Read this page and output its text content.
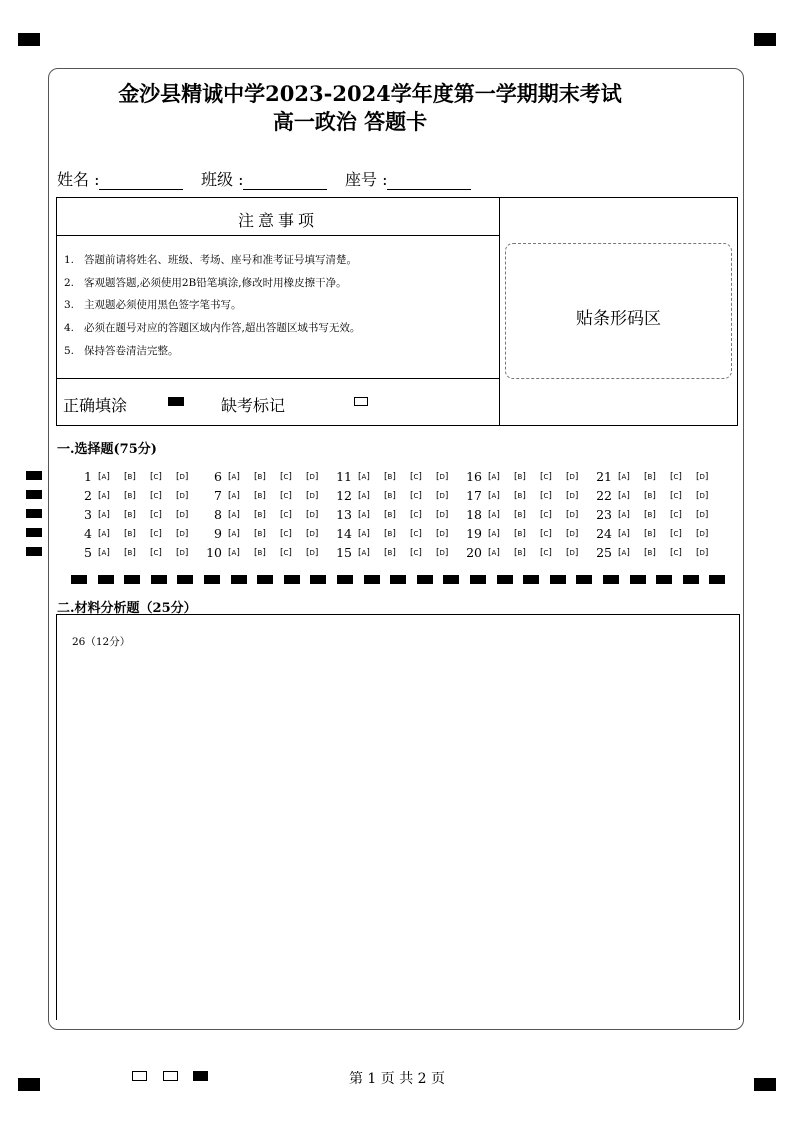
金沙县精诚中学2023-2024学年度第一学期期末考试
高一政治 答题卡
姓名 :	班级 :	座号 :
注意事项
1. 答题前请将姓名、班级、考场、座号和准考证号填写清楚。
2. 客观题答题,必须使用2B铅笔填涂,修改时用橡皮擦干净。
3. 主观题必须使用黑色签字笔书写。
4. 必须在题号对应的答题区域内作答,超出答题区域书写无效。
5. 保持答卷清洁完整。
贴条形码区
正确填涂	缺考标记
一.选择题(75分)
1	[ A ]	[ B ]	[ C ]	[ D ]
2	[ A ]	[ B ]	[ C ]	[ D ]
3	[ A ]	[ B ]	[ C ]	[ D ]
4	[ A ]	[ B ]	[ C ]	[ D ]
5	[ A ]	[ B ]	[ C ]	[ D ]
6	[ A ]	[ B ]	[ C ]	[ D ]
7	[ A ]	[ B ]	[ C ]	[ D ]
8	[ A ]	[ B ]	[ C ]	[ D ]
9	[ A ]	[ B ]	[ C ]	[ D ]
10	[ A ]	[ B ]	[ C ]	[ D ]
11	[ A ]	[ B ]	[ C ]	[ D ]
12	[ A ]	[ B ]	[ C ]	[ D ]
13	[ A ]	[ B ]	[ C ]	[ D ]
14	[ A ]	[ B ]	[ C ]	[ D ]
15	[ A ]	[ B ]	[ C ]	[ D ]
16	[ A ]	[ B ]	[ C ]	[ D ]
17	[ A ]	[ B ]	[ C ]	[ D ]
18	[ A ]	[ B ]	[ C ]	[ D ]
19	[ A ]	[ B ]	[ C ]	[ D ]
20	[ A ]	[ B ]	[ C ]	[ D ]
21	[ A ]	[ B ]	[ C ]	[ D ]
22	[ A ]	[ B ]	[ C ]	[ D ]
23	[ A ]	[ B ]	[ C ]	[ D ]
24	[ A ]	[ B ]	[ C ]	[ D ]
25	[ A ]	[ B ]	[ C ]	[ D ]
二.材料分析题（25分）
26（12分）
第 1 页 共 2 页
